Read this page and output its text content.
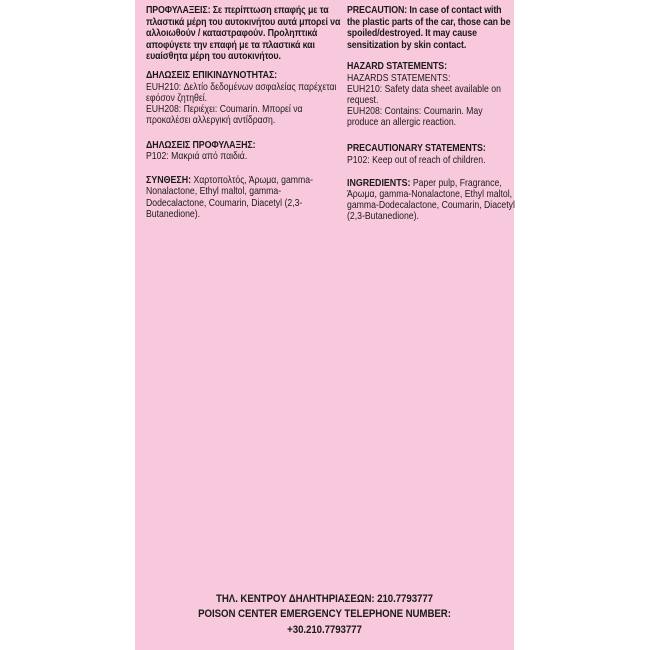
ΠΡΟΦΥΛΑΞΕΙΣ: Σε περίπτωση επαφής με τα πλαστικά μέρη του αυτοκινήτου αυτά μπορεί να αλλοιωθούν / καταστραφούν. Προληπτικά αποφύγετε την επαφή με τα πλαστικά και ευαίσθητα μέρη του αυτοκινήτου.

ΔΗΛΩΣΕΙΣ ΕΠΙΚΙΝΔΥΝΟΤΗΤΑΣ:

EUH210: Δελτίο δεδομένων ασφαλείας παρέχεται εφόσον ζητηθεί.

EUH208: Περιέχει: Coumarin. Μπορεί να προκαλέσει αλλεργική αντίδραση.

ΔΗΛΩΣΕΙΣ ΠΡΟΦΥΛΑΞΗΣ:

P102: Μακριά από παιδιά.

ΣΥΝΘΕΣΗ: Χαρτοπολτός, Άρωμα, gamma-Nonalactone, Ethyl maltol, gamma-Dodecalactone, Coumarin, Diacetyl (2,3-Butanedione).

PRECAUTION: In case of contact with the plastic parts of the car, those can be spoiled/destroyed. It may cause sensitization by skin contact.

HAZARD STATEMENTS:

HAZARDS STATEMENTS:

EUH210: Safety data sheet available on request.

EUH208: Contains: Coumarin. May produce an allergic reaction.

PRECAUTIONARY STATEMENTS:

P102: Keep out of reach of children.

INGREDIENTS: Paper pulp, Fragrance, Άρωμα, gamma-Nonalactone, Ethyl maltol, gamma-Dodecalactone, Coumarin, Diacetyl (2,3-Butanedione).

ΤΗΛ. ΚΕΝΤΡΟΥ ΔΗΛΗΤΗΡΙΑΣΕΩΝ: 210.7793777
POISON CENTER EMERGENCY TELEPHONE NUMBER: +30.210.7793777
